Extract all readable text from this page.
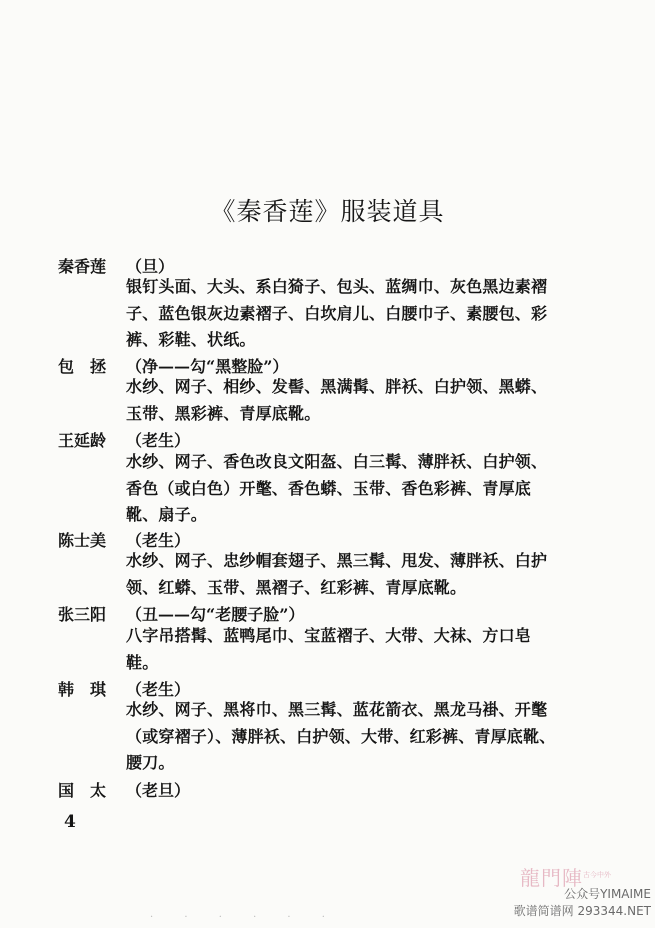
《秦香莲》服装道具
秦香莲 （旦）
银钉头面、大头、系白猗子、包头、蓝绸巾、灰色黑边素褶子、蓝色银灰边素褶子、白坎肩儿、白腰巾子、素腰包、彩裤、彩鞋、状纸。
包　拯 （净——勾“黑整脸”）
水纱、网子、相纱、发髻、黑满髯、胖袄、白护领、黑蟒、玉带、黑彩裤、青厚底靴。
王延龄 （老生）
水纱、网子、香色改良文阳盔、白三髯、薄胖袄、白护领、香色（或白色）开氅、香色蟒、玉带、香色彩裤、青厚底靴、扇子。
陈士美 （老生）
水纱、网子、忠纱帽套翅子、黑三髯、甩发、薄胖袄、白护领、红蟒、玉带、黑褶子、红彩裤、青厚底靴。
张三阳 （丑——勾“老腰子脸”）
八字吊搭髯、蓝鸭尾巾、宝蓝褶子、大带、大袜、方口皂鞋。
韩　琪 （老生）
水纱、网子、黑将巾、黑三髯、蓝花箭衣、黑龙马褂、开氅（或穿褶子）、薄胖袄、白护领、大带、红彩裤、青厚底靴、腰刀。
国　太 （老旦）
4
· · · · · ·
龍門陣 古今中外
公众号YIMAIME
歌谱简谱网 293344.NET
